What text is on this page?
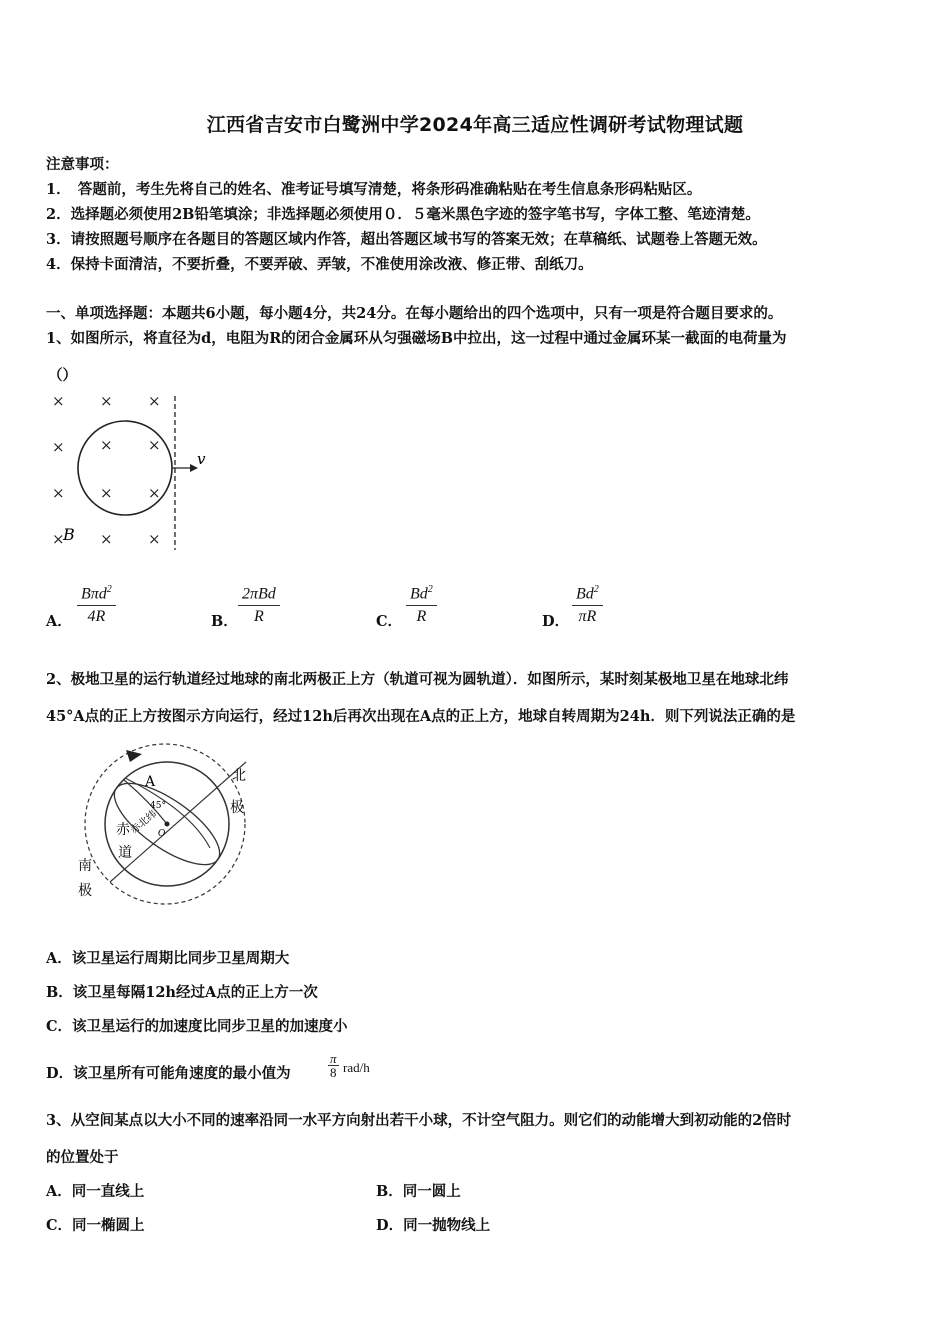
江西省吉安市白鹭洲中学2024年高三适应性调研考试物理试题
注意事项：
1．　答题前，考生先将自己的姓名、准考证号填写清楚，将条形码准确粘贴在考生信息条形码粘贴区。
2．选择题必须使用2B铅笔填涂；非选择题必须使用０．５毫米黑色字迹的签字笔书写，字体工整、笔迹清楚。
3．请按照题号顺序在各题目的答题区域内作答，超出答题区域书写的答案无效；在草稿纸、试题卷上答题无效。
4．保持卡面清洁，不要折叠，不要弄破、弄皱，不准使用涂改液、修正带、刮纸刀。
一、单项选择题：本题共6小题，每小题4分，共24分。在每小题给出的四个选项中，只有一项是符合题目要求的。
1、如图所示，将直径为d，电阻为R的闭合金属环从匀强磁场B中拉出，这一过程中通过金属环某一截面的电荷量为
（）
× × ×
× × ×
× × ×
× × ×
v
B
A．
Bπd$^2$
4R	B．
2πBd
R	C． $\frac{Bd^2}{R}$	D． $\frac{Bd^2}{\pi R}$
2、极地卫星的运行轨道经过地球的南北两极正上方（轨道可视为圆轨道）．如图所示，某时刻某极地卫星在地球北纬
45°A点的正上方按图示方向运行，经过12h后再次出现在A点的正上方，地球自转周期为24h．则下列说法正确的是
A
45°
O
赤北纬
北
极
南
极
赤
道
A．该卫星运行周期比同步卫星周期大
B．该卫星每隔12h经过A点的正上方一次
C．该卫星运行的加速度比同步卫星的加速度小
D．该卫星所有可能角速度的最小值为	$\frac{\pi}{8} rad/h$
3、从空间某点以大小不同的速率沿同一水平方向射出若干小球，不计空气阻力。则它们的动能增大到初动能的2倍时
的位置处于
A．同一直线上	B．同一圆上
C．同一椭圆上	D．同一抛物线上
